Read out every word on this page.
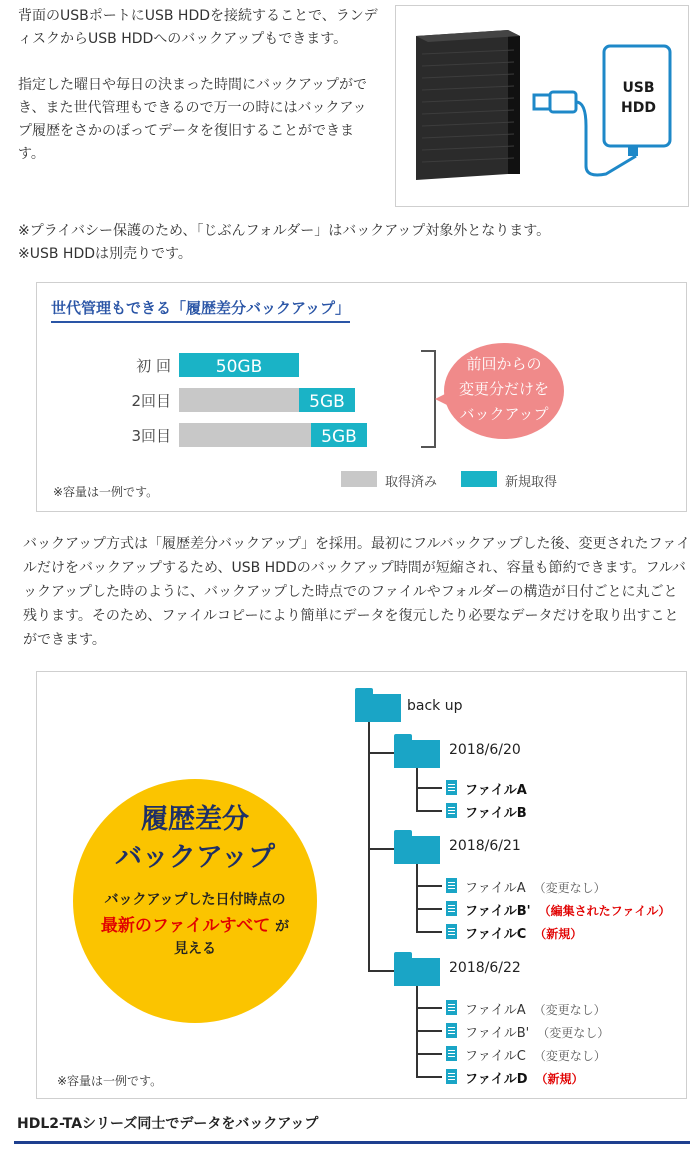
背面のUSBポートにUSB HDDを接続することで、ランディスクからUSB HDDへのバックアップもできます。

指定した曜日や毎日の決まった時間にバックアップができ、また世代管理もできるので万一の時にはバックアップ履歴をさかのぼってデータを復旧することができます。

USB
HDD

※プライバシー保護のため、「じぶんフォルダー」はバックアップ対象外となります。

※USB HDDは別売りです。

世代管理もできる「履歴差分バックアップ」
初 回	50GB
2回目	5GB
3回目	5GB
前回からの
変更分だけを
バックアップ
※容量は一例です。
取得済み	新規取得
バックアップ方式は「履歴差分バックアップ」を採用。最初にフルバックアップした後、変更されたファイルだけをバックアップするため、USB HDDのバックアップ時間が短縮され、容量も節約できます。フルバックアップした時のように、バックアップした時点でのファイルやフォルダーの構造が日付ごとに丸ごと残ります。そのため、ファイルコピーにより簡単にデータを復元したり必要なデータだけを取り出すことができます。
履歴差分
バックアップ
バックアップした日付時点の
最新のファイルすべて が
見える
back up
2018/6/20
ファイルA
ファイルB
2018/6/21
ファイルA （変更なし）
ファイルB' （編集されたファイル）
ファイルC （新規）
2018/6/22
ファイルA （変更なし）
ファイルB' （変更なし）
ファイルC （変更なし）
ファイルD （新規）
※容量は一例です。
HDL2-TAシリーズ同士でデータをバックアップ
